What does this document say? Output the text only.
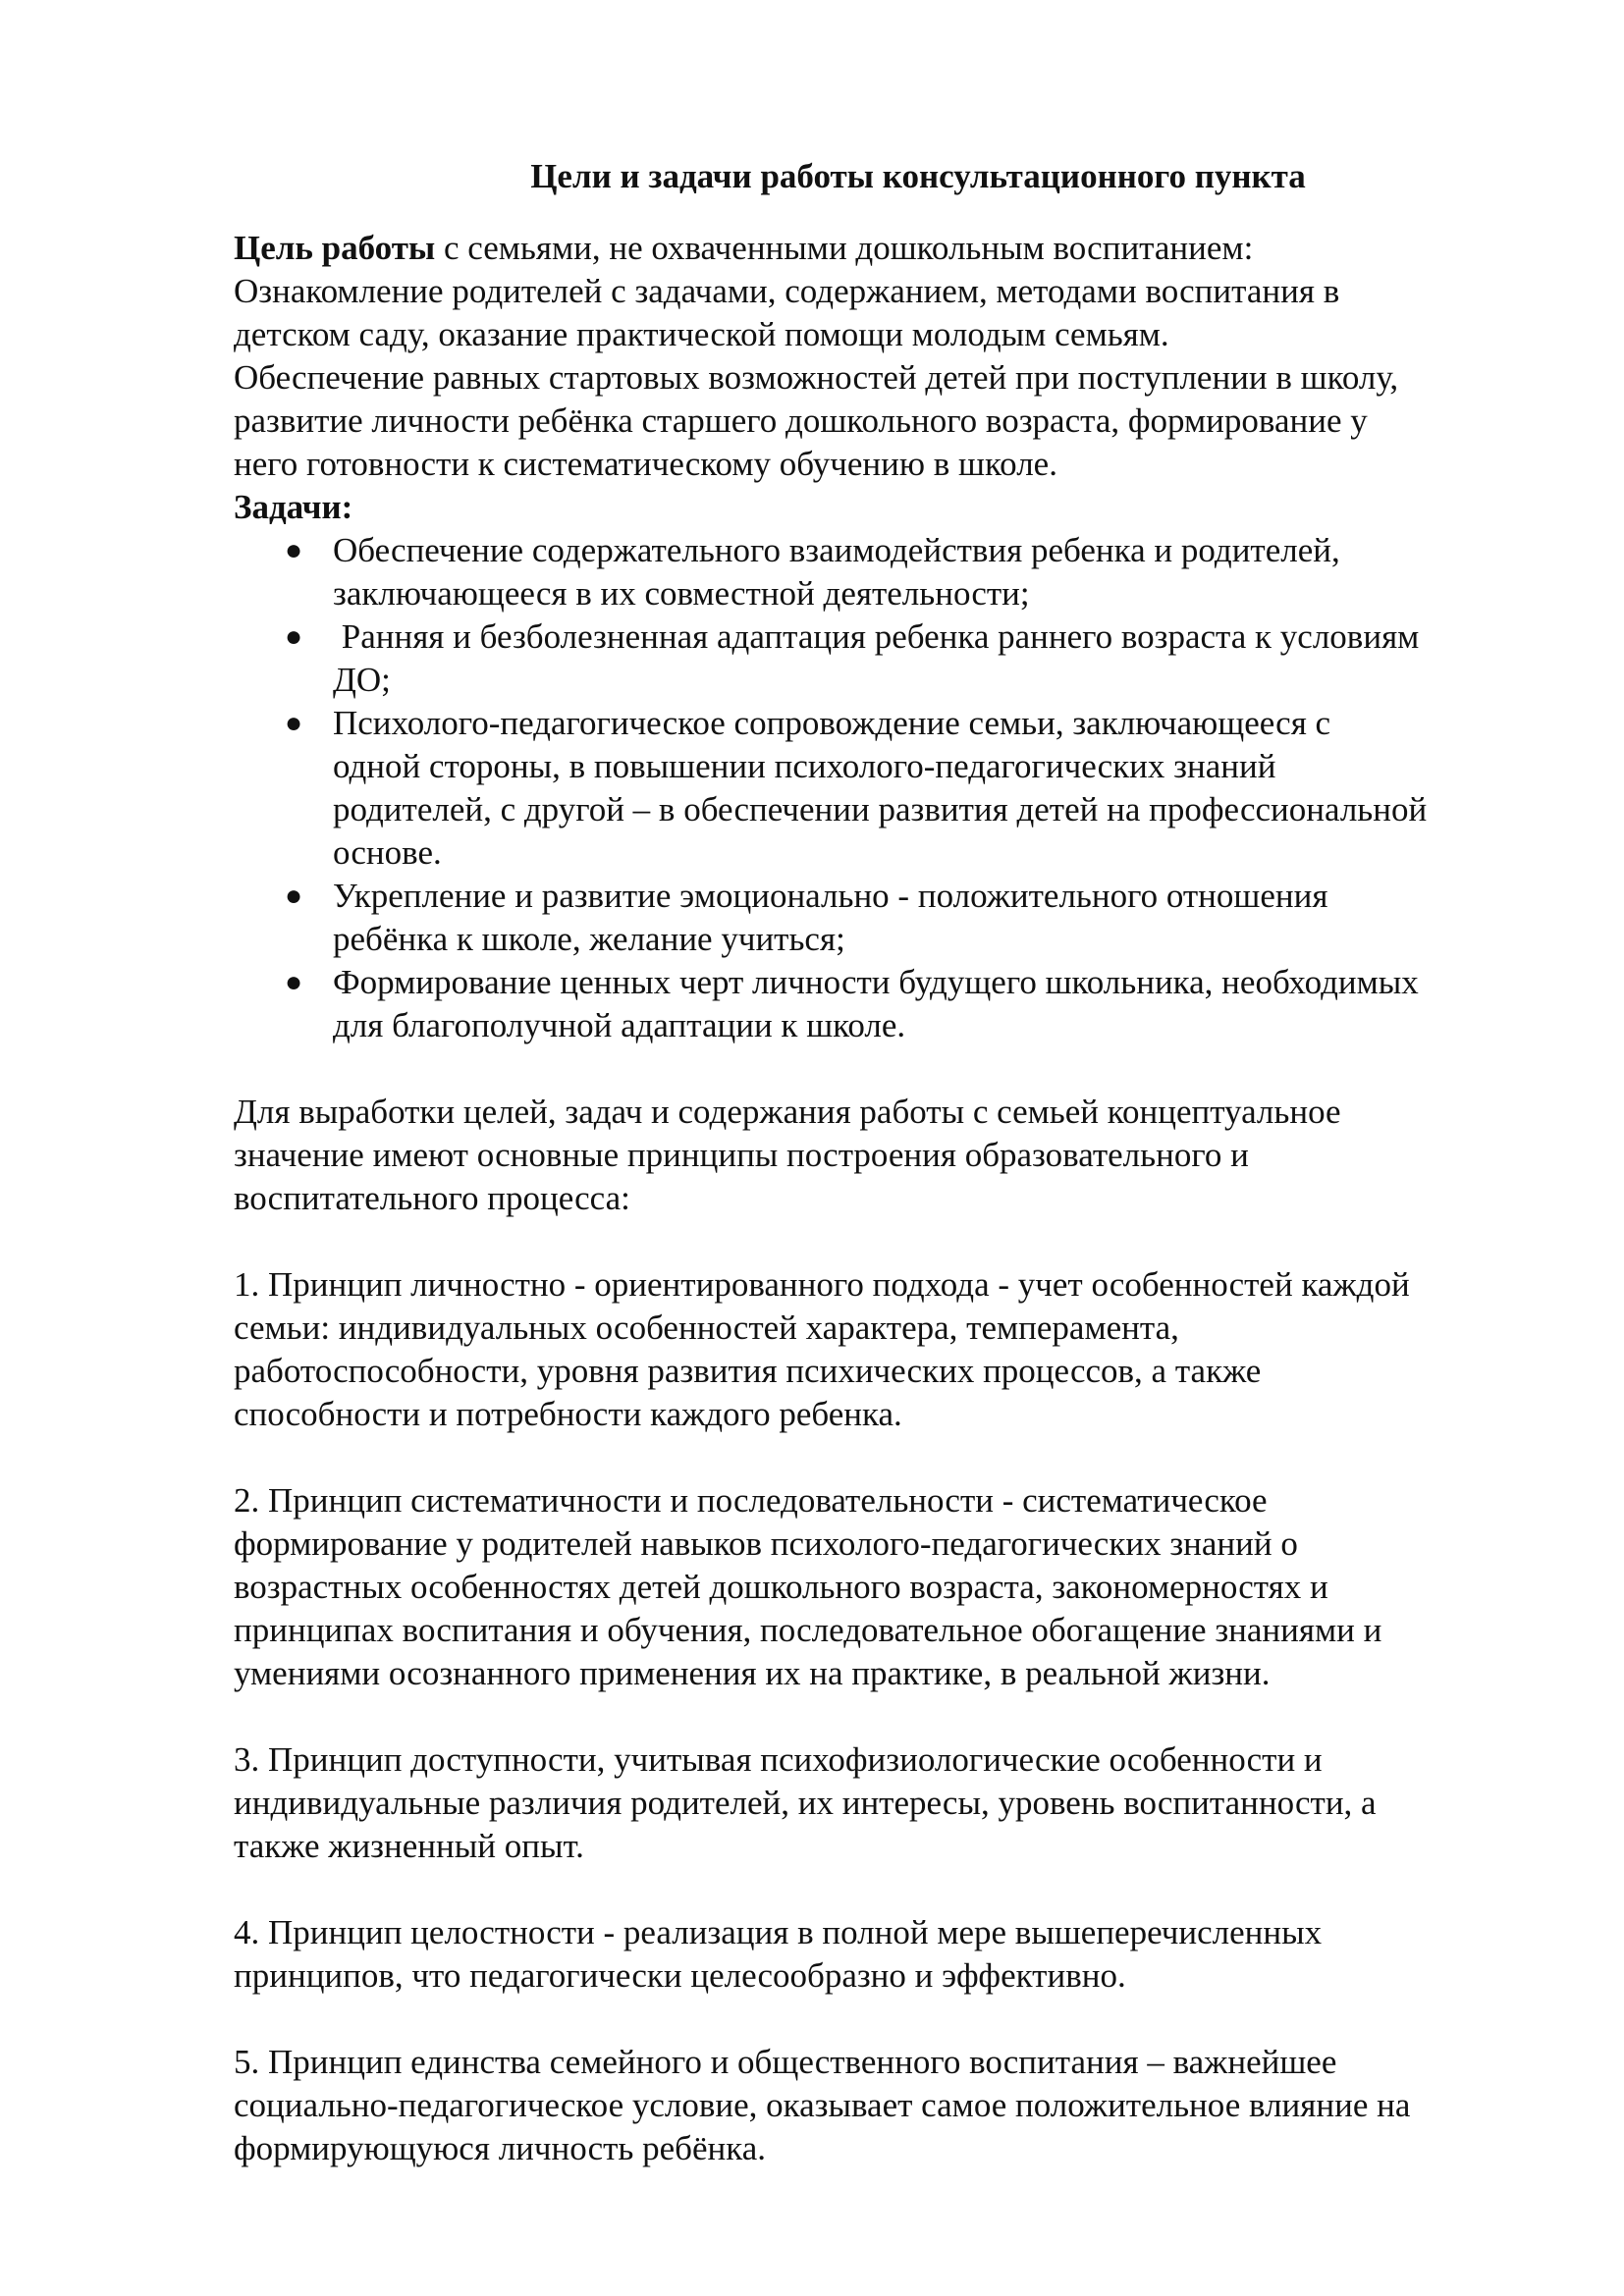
Цели и задачи работы консультационного пункта

Цель работы с семьями, не охваченными дошкольным воспитанием:
Ознакомление родителей с задачами, содержанием, методами воспитания в
детском саду, оказание практической помощи молодым семьям.
Обеспечение равных стартовых возможностей детей при поступлении в школу,
развитие личности ребёнка старшего дошкольного возраста, формирование у
него готовности к систематическому обучению в школе.

Задачи:

● Обеспечение содержательного взаимодействия ребенка и родителей,
заключающееся в их совместной деятельности;
● Ранняя и безболезненная адаптация ребенка раннего возраста к условиям
ДО;
● Психолого-педагогическое сопровождение семьи, заключающееся с
одной стороны, в повышении психолого-педагогических знаний
родителей, с другой – в обеспечении развития детей на профессиональной
основе.
● Укрепление и развитие эмоционально - положительного отношения
ребёнка к школе, желание учиться;
● Формирование ценных черт личности будущего школьника, необходимых
для благополучной адаптации к школе.

Для выработки целей, задач и содержания работы с семьей концептуальное
значение имеют основные принципы построения образовательного и
воспитательного процесса:

1. Принцип личностно - ориентированного подхода - учет особенностей каждой
семьи: индивидуальных особенностей характера, темперамента,
работоспособности, уровня развития психических процессов, а также
способности и потребности каждого ребенка.

2. Принцип систематичности и последовательности - систематическое
формирование у родителей навыков психолого-педагогических знаний о
возрастных особенностях детей дошкольного возраста, закономерностях и
принципах воспитания и обучения, последовательное обогащение знаниями и
умениями осознанного применения их на практике, в реальной жизни.

3. Принцип доступности, учитывая психофизиологические особенности и
индивидуальные различия родителей, их интересы, уровень воспитанности, а
также жизненный опыт.

4. Принцип целостности - реализация в полной мере вышеперечисленных
принципов, что педагогически целесообразно и эффективно.

5. Принцип единства семейного и общественного воспитания – важнейшее
социально-педагогическое условие, оказывает самое положительное влияние на
формирующуюся личность ребёнка.
